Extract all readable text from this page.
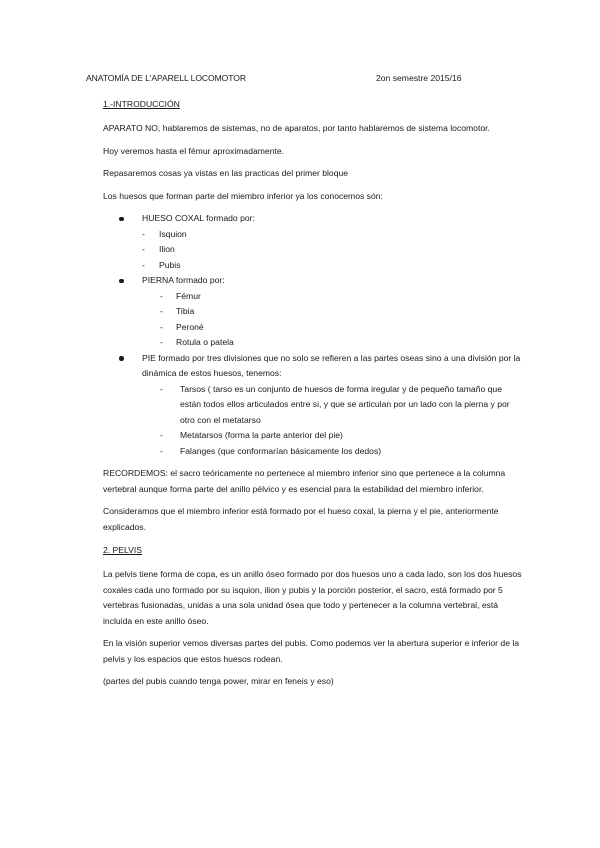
ANATOMÍA DE L'APARELL LOCOMOTOR	2on semestre 2015/16
1.-INTRODUCCIÓN

APARATO NO, hablaremos de sistemas, no de aparatos, por tanto hablaremos de sistema locomotor.

Hoy veremos hasta el fémur aproximadamente.

Repasaremos cosas ya vistas en las practicas del primer bloque

Los huesos que forman parte del miembro inferior ya los conocemos són:

HUESO COXAL formado por:
- Isquion
- Ilion
- Pubis
PIERNA formado por:
- Fémur
- Tibia
- Peroné
- Rotula o patela
PIE formado por tres divisiones que no solo se refieren a las partes oseas sino a una división por la dinámica de estos huesos, tenemos:
- Tarsos ( tarso es un conjunto de huesos de forma iregular y de pequeño tamaño que están todos ellos articulados entre si, y que se articulan por un lado con la pierna y por otro con el metatarso
- Metatarsos (forma la parte anterior del pie)
- Falanges (que conformarían básicamente los dedos)

RECORDEMOS: el sacro teóricamente no pertenece al miembro inferior sino que pertenece a la columna vertebral aunque forma parte del anillo pélvico y es esencial para la estabilidad del miembro inferior.

Consideramos que el miembro inferior está formado por el hueso coxal, la pierna y el pie, anteriormente explicados.

2. PELVIS

La pelvis tiene forma de copa, es un anillo óseo formado por dos huesos uno a cada lado, son los dos huesos coxales cada uno formado por su isquion, ilion y pubis y la porción posterior, el sacro, está formado por 5 vertebras fusionadas, unidas a una sola unidad ósea que todo y pertenecer a la columna vertebral, está incluida en este anillo óseo.

En la visión superior vemos diversas partes del pubis. Como podemos ver la abertura superior e inferior de la pelvis y los espacios que estos huesos rodean.

(partes del pubis cuando tenga power, mirar en feneis y eso)
